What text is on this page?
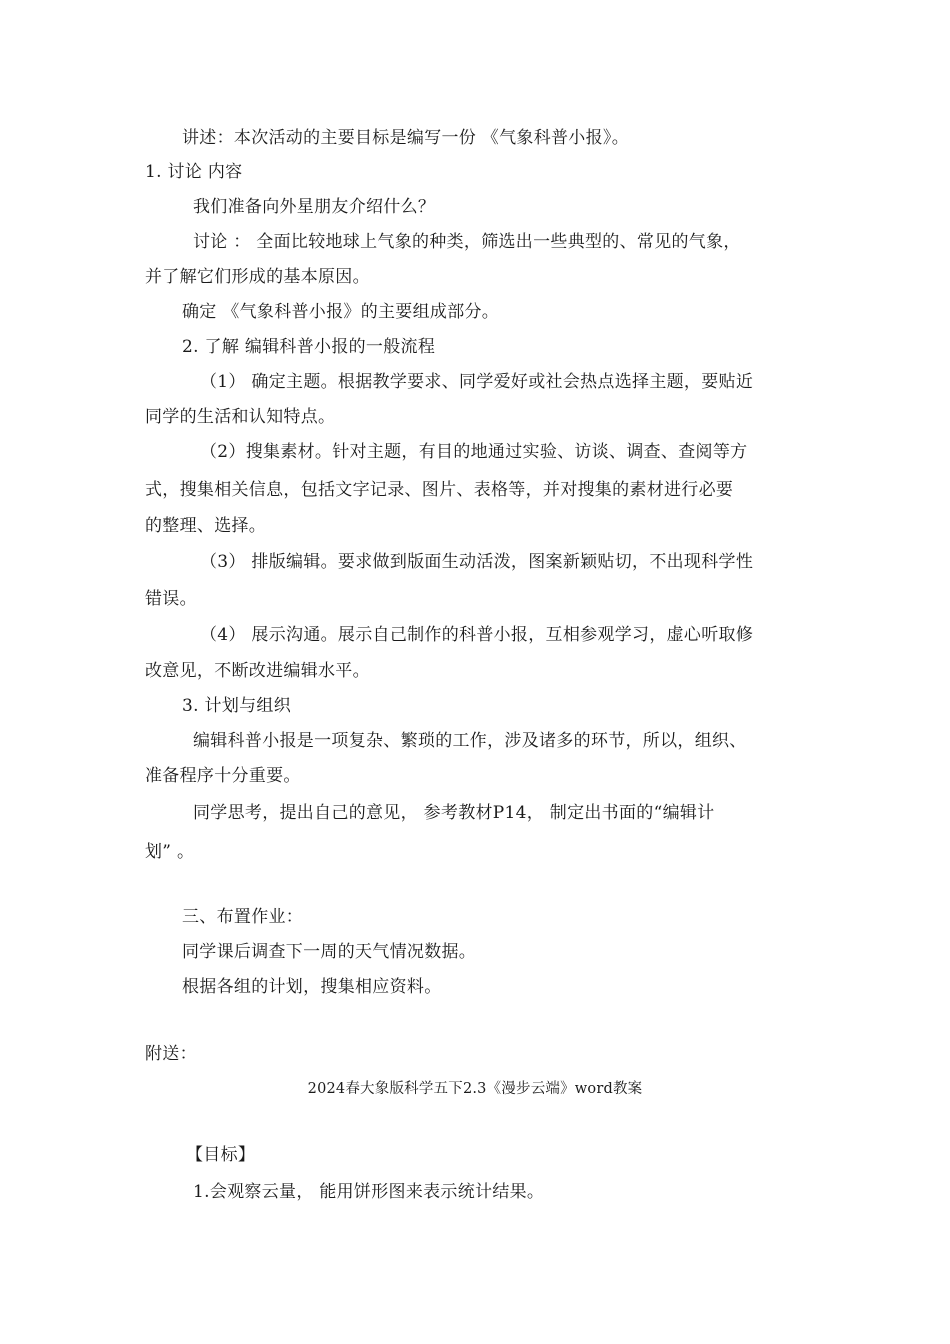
讲述：本次活动的主要目标是编写一份 《气象科普小报》。
1. 讨论 内容
我们准备向外星朋友介绍什么？
讨论 ： 全面比较地球上气象的种类，筛选出一些典型的、常见的气象，
并了解它们形成的基本原因。
确定 《气象科普小报》的主要组成部分。
2. 了解 编辑科普小报的一般流程
（1） 确定主题。根据教学要求、同学爱好或社会热点选择主题，要贴近
同学的生活和认知特点。
（2）搜集素材。针对主题，有目的地通过实验、访谈、调查、查阅等方
式，搜集相关信息，包括文字记录、图片、表格等，并对搜集的素材进行必要
的整理、选择。
（3） 排版编辑。要求做到版面生动活泼，图案新颖贴切，不出现科学性
错误。
（4） 展示沟通。展示自己制作的科普小报，互相参观学习，虚心听取修
改意见，不断改进编辑水平。
3. 计划与组织
编辑科普小报是一项复杂、繁琐的工作，涉及诸多的环节，所以，组织、
准备程序十分重要。
同学思考，提出自己的意见， 参考教材P14， 制定出书面的“编辑计
划” 。
三、布置作业：
同学课后调查下一周的天气情况数据。
根据各组的计划，搜集相应资料。
附送：
2024春大象版科学五下2.3《漫步云端》word教案
【目标】
1.会观察云量， 能用饼形图来表示统计结果。
